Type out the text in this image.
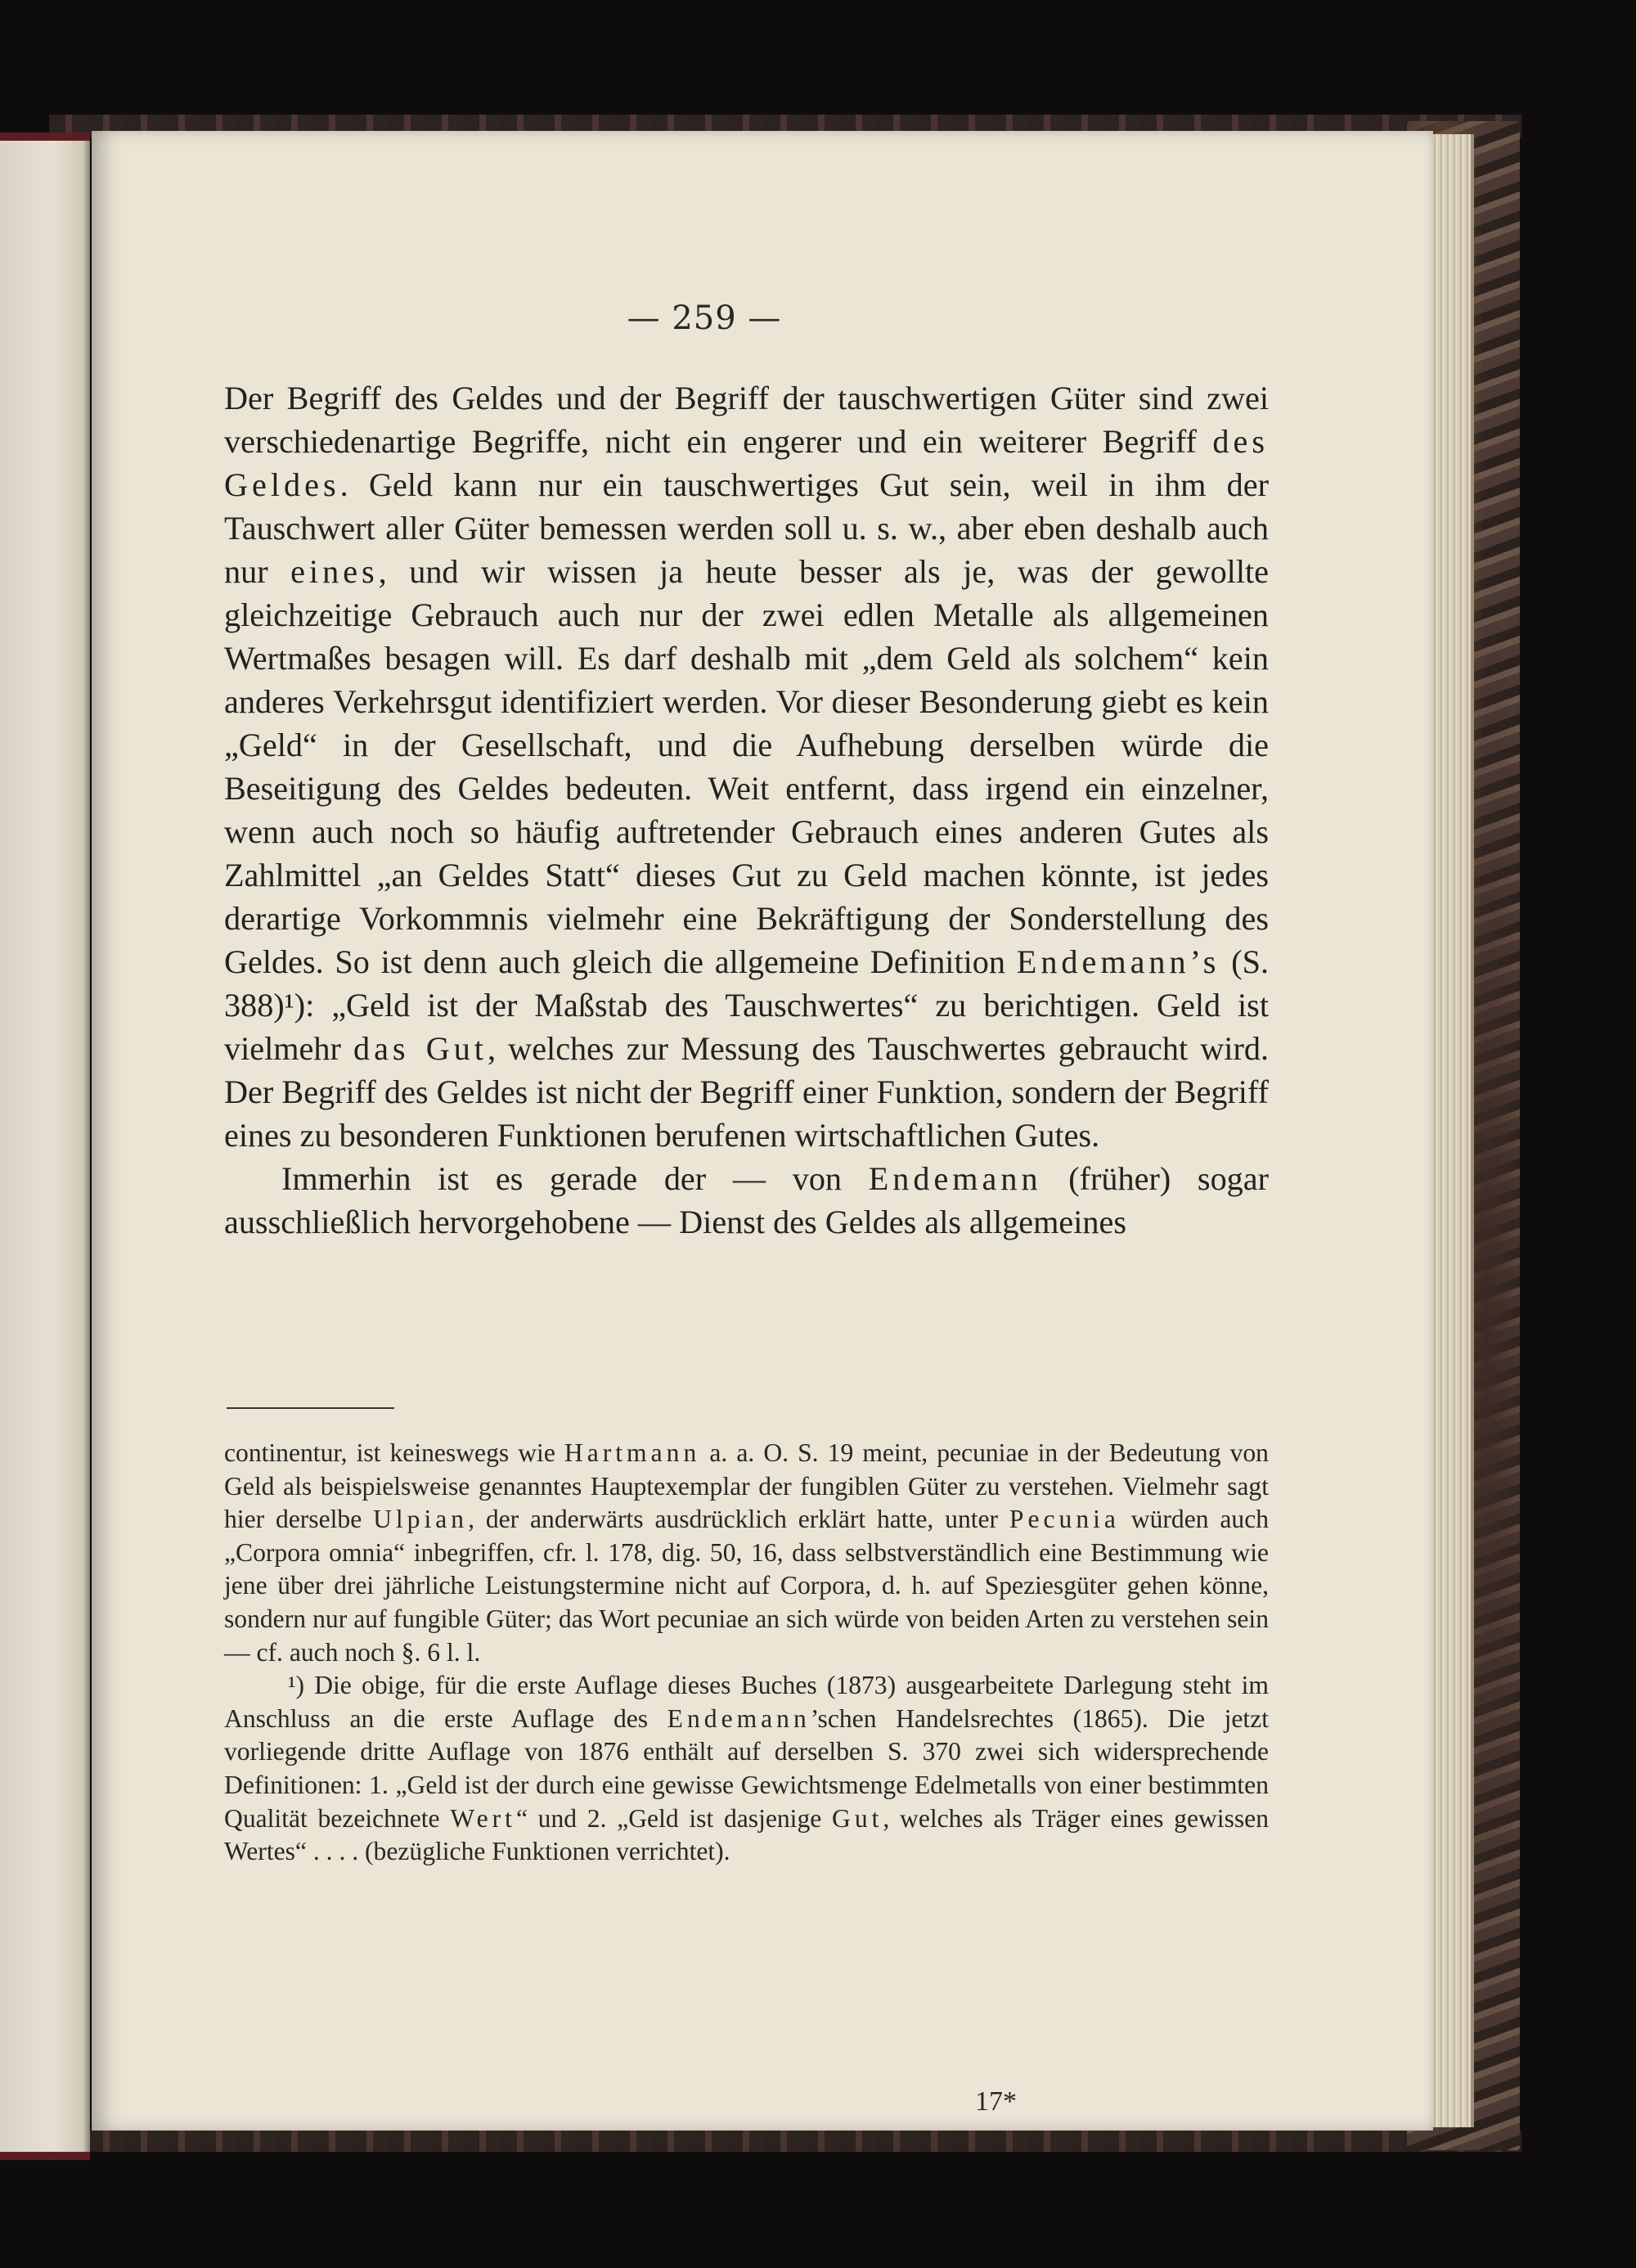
— 259 —

Der Begriff des Geldes und der Begriff der tauschwertigen Güter sind zwei verschiedenartige Begriffe, nicht ein engerer und ein weiterer Begriff des Geldes. Geld kann nur ein tauschwertiges Gut sein, weil in ihm der Tauschwert aller Güter bemessen werden soll u. s. w., aber eben deshalb auch nur eines, und wir wissen ja heute besser als je, was der gewollte gleichzeitige Gebrauch auch nur der zwei edlen Metalle als allgemeinen Wertmaßes besagen will. Es darf deshalb mit „dem Geld als solchem“ kein anderes Verkehrsgut identifiziert werden. Vor dieser Besonderung giebt es kein „Geld“ in der Gesellschaft, und die Aufhebung derselben würde die Beseitigung des Geldes bedeuten. Weit entfernt, dass irgend ein einzelner, wenn auch noch so häufig auftretender Gebrauch eines anderen Gutes als Zahlmittel „an Geldes Statt“ dieses Gut zu Geld machen könnte, ist jedes derartige Vorkommnis vielmehr eine Bekräftigung der Sonderstellung des Geldes. So ist denn auch gleich die allgemeine Definition Endemann’s (S. 388)¹): „Geld ist der Maßstab des Tauschwertes“ zu berichtigen. Geld ist vielmehr das Gut, welches zur Messung des Tauschwertes gebraucht wird. Der Begriff des Geldes ist nicht der Begriff einer Funktion, sondern der Begriff eines zu besonderen Funktionen berufenen wirtschaftlichen Gutes.

Immerhin ist es gerade der — von Endemann (früher) sogar ausschließlich hervorgehobene — Dienst des Geldes als allgemeines

continentur, ist keineswegs wie Hartmann a. a. O. S. 19 meint, pecuniae in der Bedeutung von Geld als beispielsweise genanntes Hauptexemplar der fungiblen Güter zu verstehen. Vielmehr sagt hier derselbe Ulpian, der anderwärts ausdrücklich erklärt hatte, unter Pecunia würden auch „Corpora omnia“ inbegriffen, cfr. l. 178, dig. 50, 16, dass selbstverständlich eine Bestimmung wie jene über drei jährliche Leistungstermine nicht auf Corpora, d. h. auf Speziesgüter gehen könne, sondern nur auf fungible Güter; das Wort pecuniae an sich würde von beiden Arten zu verstehen sein — cf. auch noch §. 6 l. l.

¹) Die obige, für die erste Auflage dieses Buches (1873) ausgearbeitete Darlegung steht im Anschluss an die erste Auflage des Endemann’schen Handelsrechtes (1865). Die jetzt vorliegende dritte Auflage von 1876 enthält auf derselben S. 370 zwei sich widersprechende Definitionen: 1. „Geld ist der durch eine gewisse Gewichtsmenge Edelmetalls von einer bestimmten Qualität bezeichnete Wert“ und 2. „Geld ist dasjenige Gut, welches als Träger eines gewissen Wertes“ . . . . (bezügliche Funktionen verrichtet).

17*
